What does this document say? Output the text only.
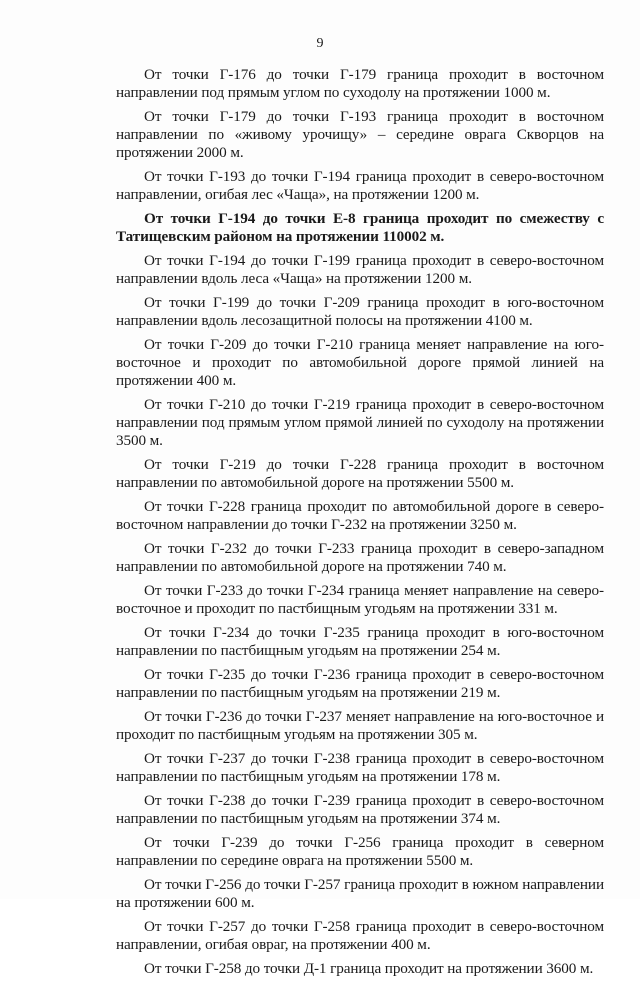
9

От точки Г-176 до точки Г-179 граница проходит в восточном направлении под прямым углом по суходолу на протяжении 1000 м.

От точки Г-179 до точки Г-193 граница проходит в восточном направлении по «живому урочищу» – середине оврага Скворцов на протяжении 2000 м.

От точки Г-193 до точки Г-194 граница проходит в северо-восточном направлении, огибая лес «Чаща», на протяжении 1200 м.

От точки Г-194 до точки Е-8 граница проходит по смежеству с Татищевским районом на протяжении 110002 м.

От точки Г-194 до точки Г-199 граница проходит в северо-восточном направлении вдоль леса «Чаща» на протяжении 1200 м.

От точки Г-199 до точки Г-209 граница проходит в юго-восточном направлении вдоль лесозащитной полосы на протяжении 4100 м.

От точки Г-209 до точки Г-210 граница меняет направление на юго-восточное и проходит по автомобильной дороге прямой линией на протяжении 400 м.

От точки Г-210 до точки Г-219 граница проходит в северо-восточном направлении под прямым углом прямой линией по суходолу на протяжении 3500 м.

От точки Г-219 до точки Г-228 граница проходит в восточном направлении по автомобильной дороге на протяжении 5500 м.

От точки Г-228 граница проходит по автомобильной дороге в северо-восточном направлении до точки Г-232 на протяжении 3250 м.

От точки Г-232 до точки Г-233 граница проходит в северо-западном направлении по автомобильной дороге на протяжении 740 м.

От точки Г-233 до точки Г-234 граница меняет направление на северо-восточное и проходит по пастбищным угодьям на протяжении 331 м.

От точки Г-234 до точки Г-235 граница проходит в юго-восточном направлении по пастбищным угодьям на протяжении 254 м.

От точки Г-235 до точки Г-236 граница проходит в северо-восточном направлении по пастбищным угодьям на протяжении 219 м.

От точки Г-236 до точки Г-237 меняет направление на юго-восточное и проходит по пастбищным угодьям на протяжении 305 м.

От точки Г-237 до точки Г-238 граница проходит в северо-восточном направлении по пастбищным угодьям на протяжении 178 м.

От точки Г-238 до точки Г-239 граница проходит в северо-восточном направлении по пастбищным угодьям на протяжении 374 м.

От точки Г-239 до точки Г-256 граница проходит в северном направлении по середине оврага на протяжении 5500 м.

От точки Г-256 до точки Г-257 граница проходит в южном направлении на протяжении 600 м.

От точки Г-257 до точки Г-258 граница проходит в северо-восточном направлении, огибая овраг, на протяжении 400 м.

От точки Г-258 до точки Д-1 граница проходит на протяжении 3600 м.
